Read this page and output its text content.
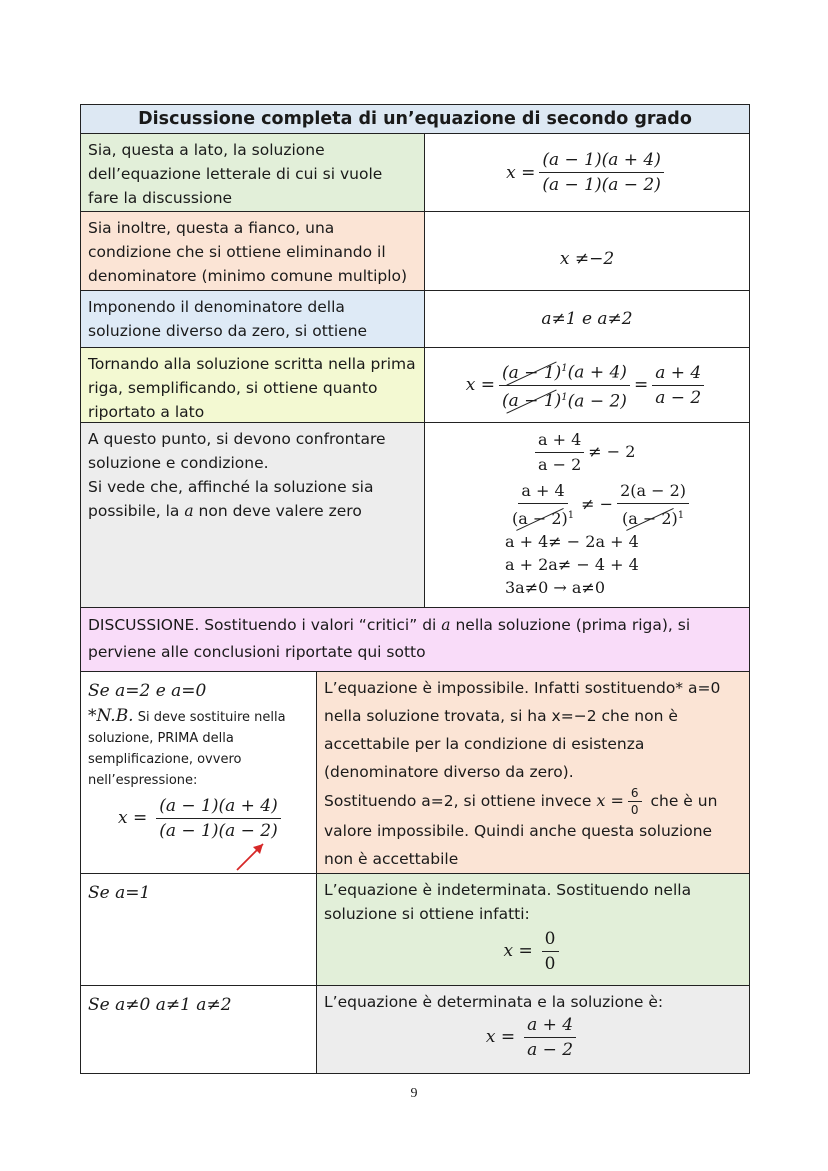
Discussione completa di un’equazione di secondo grado
Sia, questa a lato, la soluzione dell’equazione letterale di cui si vuole fare la discussione
$x = \frac{(a - 1)(a + 4)}{(a - 1)(a - 2)}$
Sia inoltre, questa a fianco, una condizione che si ottiene eliminando il denominatore (minimo comune multiplo)
x ≠−2
Imponendo il denominatore della soluzione diverso da zero, si ottiene
a≠1 e a≠2
Tornando alla soluzione scritta nella prima riga, semplificando, si ottiene quanto riportato a lato
$x = \frac{(a - 1)^1(a + 4)}{(a - 1)^1(a - 2)} = \frac{a + 4}{a - 2}$
A questo punto, si devono confrontare soluzione e condizione.
Si vede che, affinché la soluzione sia possibile, la a non deve valere zero
$\frac{a + 4}{a - 2}$ ≠ − 2
$\frac{a + 4}{(a - 2)^1}$ ≠ − $\frac{2(a - 2)}{(a - 2)^1}$
a + 4≠ − 2a + 4
a + 2a≠ − 4 + 4
3a≠0 → a≠0
DISCUSSIONE. Sostituendo i valori “critici” di a nella soluzione (prima riga), si perviene alle conclusioni riportate qui sotto
Se a=2 e a=0
*N.B. Si deve sostituire nella soluzione, PRIMA della semplificazione, ovvero nell’espressione:
$x = \frac{(a - 1)(a + 4)}{(a - 1)(a - 2)}$
L’equazione è impossibile. Infatti sostituendo* a=0 nella soluzione trovata, si ha x=−2 che non è accettabile per la condizione di esistenza (denominatore diverso da zero).
Sostituendo a=2, si ottiene invece $x = \frac{6}{0}$ che è un valore impossibile. Quindi anche questa soluzione non è accettabile
Se a=1	L’equazione è indeterminata. Sostituendo nella soluzione si ottiene infatti:
$x = \frac{0}{0}$
Se a≠0 a≠1 a≠2	L’equazione è determinata e la soluzione è:
$x = \frac{a + 4}{a - 2}$
9
